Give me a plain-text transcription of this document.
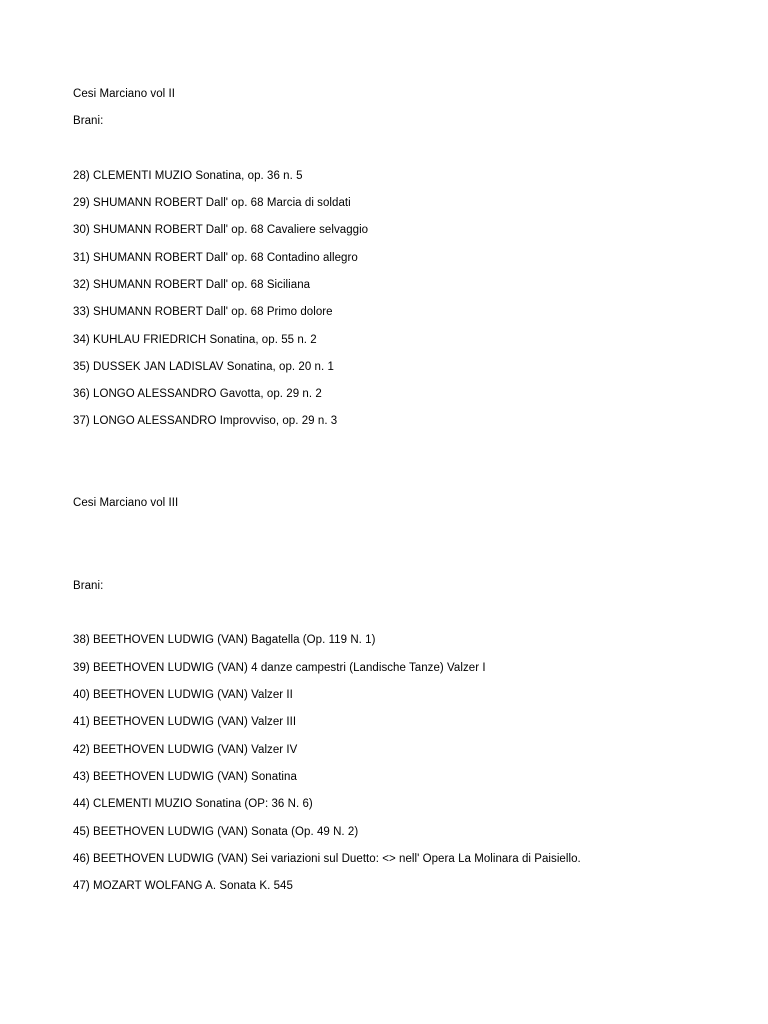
Cesi Marciano vol II
Brani:
28) CLEMENTI MUZIO Sonatina, op. 36 n. 5
29) SHUMANN ROBERT Dall' op. 68 Marcia di soldati
30) SHUMANN ROBERT Dall' op. 68 Cavaliere selvaggio
31) SHUMANN ROBERT Dall' op. 68 Contadino allegro
32) SHUMANN ROBERT Dall' op. 68 Siciliana
33) SHUMANN ROBERT Dall' op. 68 Primo dolore
34) KUHLAU FRIEDRICH Sonatina, op. 55 n. 2
35) DUSSEK JAN LADISLAV Sonatina, op. 20 n. 1
36) LONGO ALESSANDRO Gavotta, op. 29 n. 2
37) LONGO ALESSANDRO Improvviso, op. 29 n. 3
Cesi Marciano vol III
Brani:
38) BEETHOVEN LUDWIG (VAN) Bagatella (Op. 119 N. 1)
39) BEETHOVEN LUDWIG (VAN) 4 danze campestri (Landische Tanze) Valzer I
40) BEETHOVEN LUDWIG (VAN) Valzer II
41) BEETHOVEN LUDWIG (VAN) Valzer III
42) BEETHOVEN LUDWIG (VAN) Valzer IV
43) BEETHOVEN LUDWIG (VAN) Sonatina
44) CLEMENTI MUZIO Sonatina (OP: 36 N. 6)
45) BEETHOVEN LUDWIG (VAN) Sonata (Op. 49 N. 2)
46) BEETHOVEN LUDWIG (VAN) Sei variazioni sul Duetto: <> nell' Opera La Molinara di Paisiello.
47) MOZART WOLFANG A. Sonata K. 545
